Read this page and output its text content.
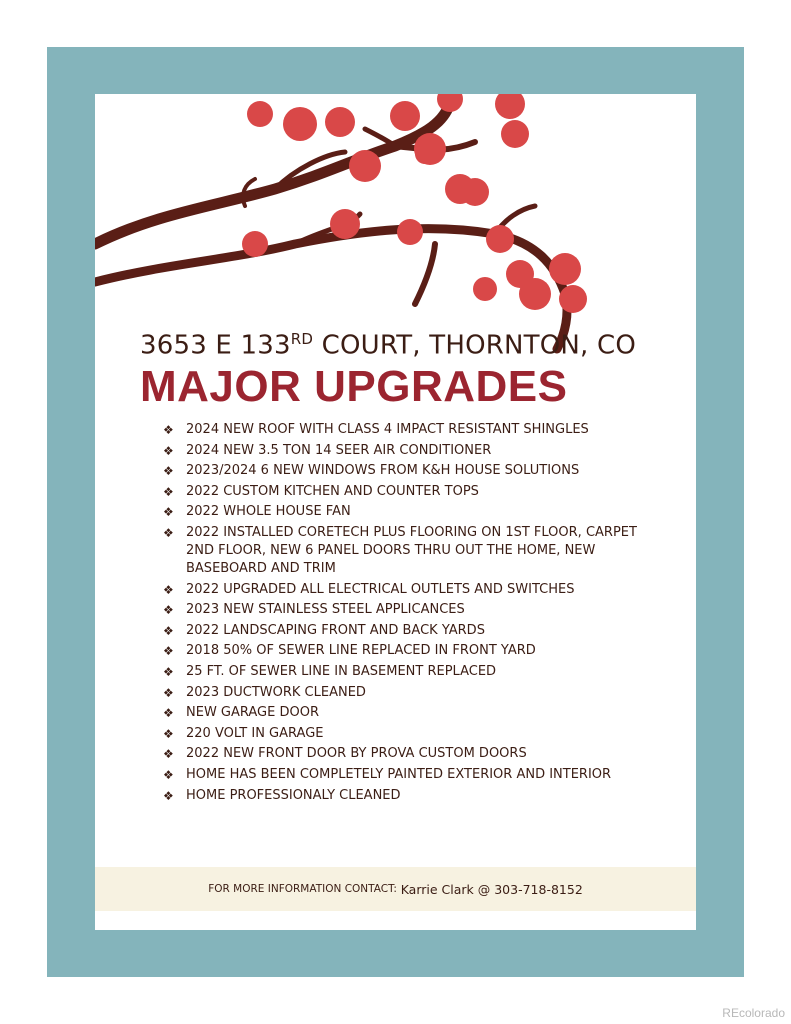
3653 E 133RD COURT, THORNTON, CO
MAJOR UPGRADES
❖ 2024 NEW ROOF WITH CLASS 4 IMPACT RESISTANT SHINGLES
❖ 2024 NEW 3.5 TON 14 SEER AIR CONDITIONER
❖ 2023/2024 6 NEW WINDOWS FROM K&H HOUSE SOLUTIONS
❖ 2022 CUSTOM KITCHEN AND COUNTER TOPS
❖ 2022 WHOLE HOUSE FAN
❖ 2022 INSTALLED CORETECH PLUS FLOORING ON 1ST FLOOR, CARPET 2ND FLOOR, NEW 6 PANEL DOORS THRU OUT THE HOME, NEW BASEBOARD AND TRIM
❖ 2022 UPGRADED ALL ELECTRICAL OUTLETS AND SWITCHES
❖ 2023 NEW STAINLESS STEEL APPLICANCES
❖ 2022 LANDSCAPING FRONT AND BACK YARDS
❖ 2018 50% OF SEWER LINE REPLACED IN FRONT YARD
❖ 25 FT. OF SEWER LINE IN BASEMENT REPLACED
❖ 2023 DUCTWORK CLEANED
❖ NEW GARAGE DOOR
❖ 220 VOLT IN GARAGE
❖ 2022 NEW FRONT DOOR BY PROVA CUSTOM DOORS
❖ HOME HAS BEEN COMPLETELY PAINTED EXTERIOR AND INTERIOR
❖ HOME PROFESSIONALY CLEANED
FOR MORE INFORMATION CONTACT:
Karrie Clark @ 303-718-8152
REcolorado
